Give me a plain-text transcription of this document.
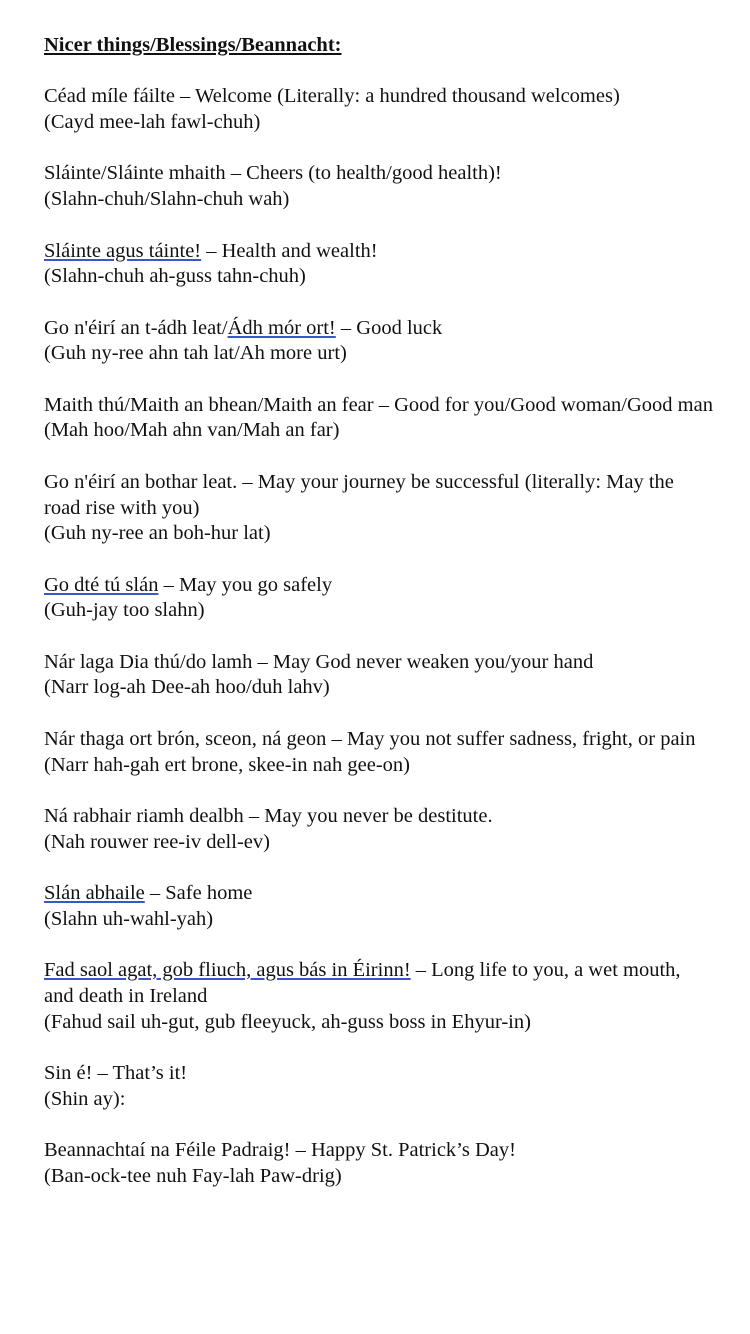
Nicer things/Blessings/Beannacht:
Céad míle fáilte – Welcome (Literally: a hundred thousand welcomes)
(Cayd mee-lah fawl-chuh)
Sláinte/Sláinte mhaith – Cheers (to health/good health)!
(Slahn-chuh/Slahn-chuh wah)
Sláinte agus táinte! – Health and wealth!
(Slahn-chuh ah-guss tahn-chuh)
Go n'éirí an t-ádh leat/Ádh mór ort! – Good luck
(Guh ny-ree ahn tah lat/Ah more urt)
Maith thú/Maith an bhean/Maith an fear – Good for you/Good woman/Good man
(Mah hoo/Mah ahn van/Mah an far)
Go n'éirí an bothar leat. – May your journey be successful (literally: May the road rise with you)
(Guh ny-ree an boh-hur lat)
Go dté tú slán – May you go safely
(Guh-jay too slahn)
Nár laga Dia thú/do lamh – May God never weaken you/your hand
(Narr log-ah Dee-ah hoo/duh lahv)
Nár thaga ort brón, sceon, ná geon – May you not suffer sadness, fright, or pain
(Narr hah-gah ert brone, skee-in nah gee-on)
Ná rabhair riamh dealbh – May you never be destitute.
(Nah rouwer ree-iv dell-ev)
Slán abhaile – Safe home
(Slahn uh-wahl-yah)
Fad saol agat, gob fliuch, agus bás in Éirinn! – Long life to you, a wet mouth, and death in Ireland
(Fahud sail uh-gut, gub fleeyuck, ah-guss boss in Ehyur-in)
Sin é! – That’s it!
(Shin ay):
Beannachtaí na Féile Padraig! – Happy St. Patrick’s Day!
(Ban-ock-tee nuh Fay-lah Paw-drig)
